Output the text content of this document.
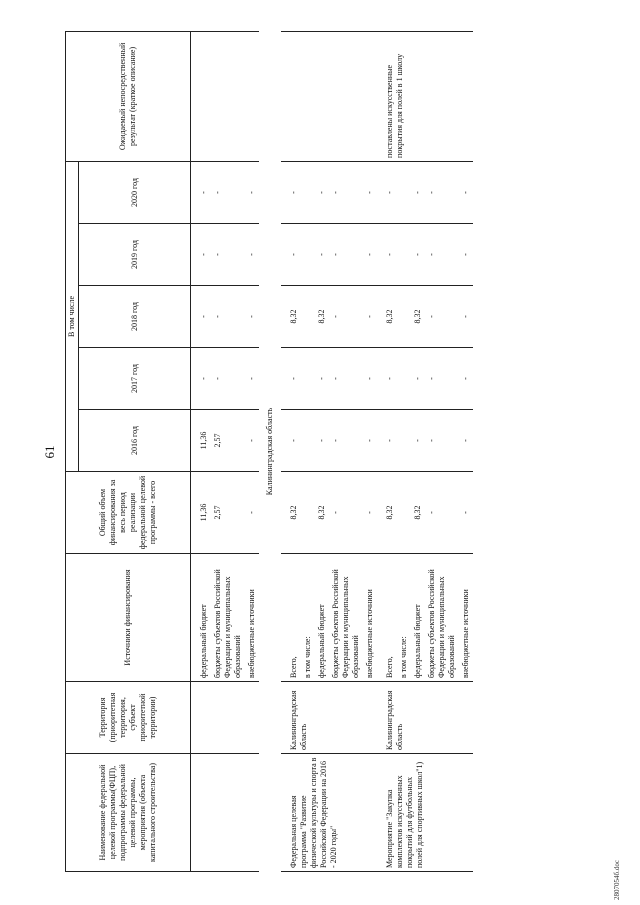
61
2807054б.doc
Наименование федеральной целевой программы(ФЦП), подпрограммы федеральной целевой программы, мероприятия (объекта капитального строительства)	Территория (приоритетная территория, субъект приоритетной территории)	Источники финансирования	Общий объем финансирования за весь период реализации федеральной целевой программы - всего	В том числе					Ожидаемый непосредственный результат (краткое описание)
				2016 год	2017 год	2018 год	2019 год	2020 год	
		федеральный бюджет	11,36	11,36	-	-	-	-	
		бюджеты субъектов Российской Федерации и муниципальных образований	2,57	2,57	-	-	-	-	
		внебюджетные источники	-	-	-	-	-	-	
Калининградская область									
Федеральная целевая программа "Развитие физической культуры и спорта в Российской Федерации на 2016 - 2020 годы"	Калининградская область	Всего,	8,32	-	-	8,32	-	-	
		в том числе:							
		федеральный бюджет	8,32	-	-	8,32	-	-	
		бюджеты субъектов Российской Федерации и муниципальных образований	-	-	-	-	-	-	
		внебюджетные источники	-	-	-	-	-	-	
Мероприятие "Закупка комплектов искусственных покрытий для футбольных полей для спортивных школ"1)	Калининградская область	Всего,	8,32	-	-	8,32	-	-	поставлены искусственные покрытия для полей в 1 школу
		в том числе:							
		федеральный бюджет	8,32	-	-	8,32	-	-	
		бюджеты субъектов Российской Федерации и муниципальных образований	-	-	-	-	-	-	
		внебюджетные источники	-	-	-	-	-	-	
